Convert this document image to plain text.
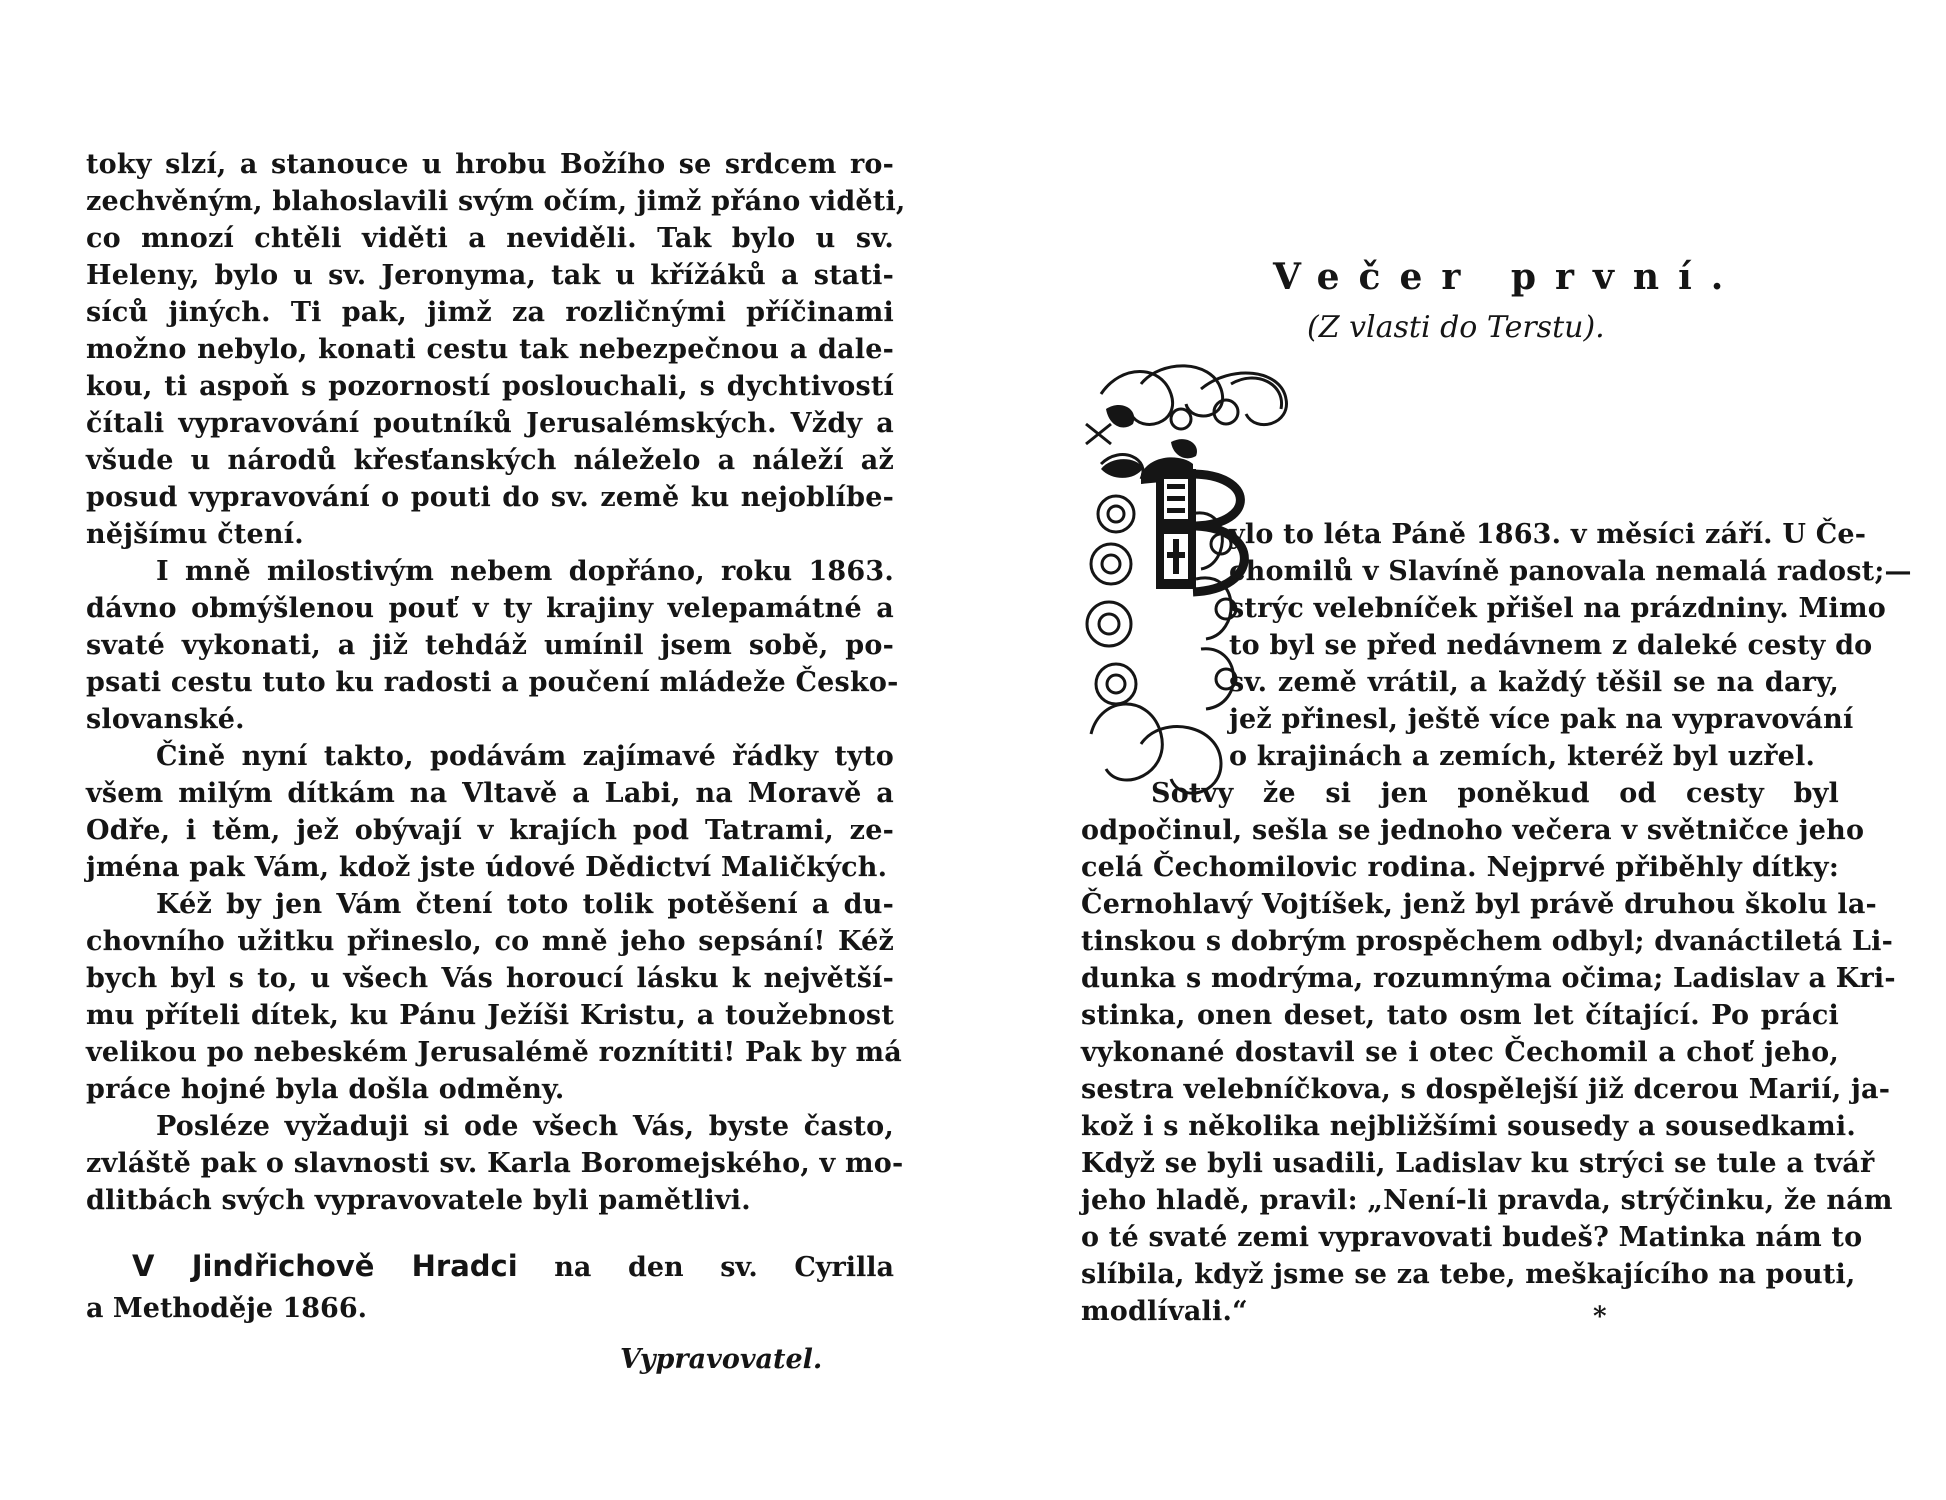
toky slzí, a stanouce u hrobu Božího se srdcem ro-
zechvěným, blahoslavili svým očím, jimž přáno viděti,
co mnozí chtěli viděti a neviděli. Tak bylo u sv.
Heleny, bylo u sv. Jeronyma, tak u křížáků a stati-
síců jiných. Ti pak, jimž za rozličnými příčinami
možno nebylo, konati cestu tak nebezpečnou a dale-
kou, ti aspoň s pozorností poslouchali, s dychtivostí
čítali vypravování poutníků Jerusalémských. Vždy a
všude u národů křesťanských náleželo a náleží až
posud vypravování o pouti do sv. země ku nejoblíbe-
nějšímu čtení.
I mně milostivým nebem dopřáno, roku 1863.
dávno obmýšlenou pouť v ty krajiny velepamátné a
svaté vykonati, a již tehdáž umínil jsem sobě, po-
psati cestu tuto ku radosti a poučení mládeže Česko-
slovanské.
Čině nyní takto, podávám zajímavé řádky tyto
všem milým dítkám na Vltavě a Labi, na Moravě a
Odře, i těm, jež obývají v krajích pod Tatrami, ze-
jména pak Vám, kdož jste údové Dědictví Maličkých.
Kéž by jen Vám čtení toto tolik potěšení a du-
chovního užitku přineslo, co mně jeho sepsání! Kéž
bych byl s to, u všech Vás horoucí lásku k největší-
mu příteli dítek, ku Pánu Ježíši Kristu, a toužebnost
velikou po nebeském Jerusalémě roznítiti! Pak by má
práce hojné byla došla odměny.
Posléze vyžaduji si ode všech Vás, byste často,
zvláště pak o slavnosti sv. Karla Boromejského, v mo-
dlitbách svých vypravovatele byli pamětlivi.
V Jindřichově Hradci na den sv. Cyrilla
a Methoděje 1866.
Vypravovatel.
Večer první.
(Z vlasti do Terstu).
ylo to léta Páně 1863. v měsíci září. U Če-
chomilů v Slavíně panovala nemalá radost;—
strýc velebníček přišel na prázdniny. Mimo
to byl se před nedávnem z daleké cesty do
sv. země vrátil, a každý těšil se na dary,
jež přinesl, ještě více pak na vypravování
o krajinách a zemích, kteréž byl uzřel.
Sotvy že si jen poněkud od cesty byl
odpočinul, sešla se jednoho večera v světničce jeho
celá Čechomilovic rodina. Nejprvé přiběhly dítky:
Černohlavý Vojtíšek, jenž byl právě druhou školu la-
tinskou s dobrým prospěchem odbyl; dvanáctiletá Li-
dunka s modrýma, rozumnýma očima; Ladislav a Kri-
stinka, onen deset, tato osm let čítající. Po práci
vykonané dostavil se i otec Čechomil a choť jeho,
sestra velebníčkova, s dospělejší již dcerou Marií, ja-
kož i s několika nejbližšími sousedy a sousedkami.
Když se byli usadili, Ladislav ku strýci se tule a tvář
jeho hladě, pravil: „Není-li pravda, strýčinku, že nám
o té svaté zemi vypravovati budeš? Matinka nám to
slíbila, když jsme se za tebe, meškajícího na pouti,
modlívali.“	*
